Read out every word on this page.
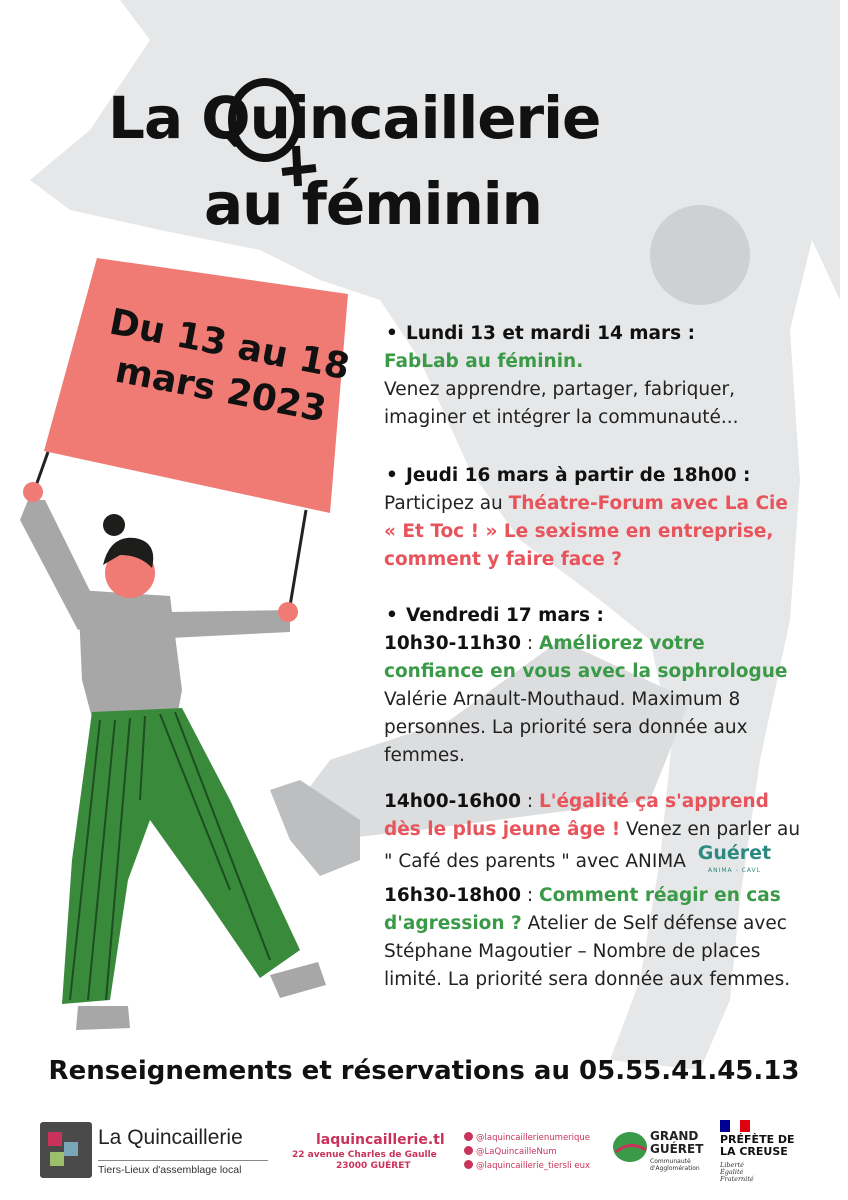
La Quincaillerie
au féminin
Du 13 au 18 mars 2023
• Lundi 13 et mardi 14 mars :
FabLab au féminin.
Venez apprendre, partager, fabriquer, imaginer et intégrer la communauté...
• Jeudi 16 mars à partir de 18h00 :
Participez au Théatre-Forum avec La Cie « Et Toc ! » Le sexisme en entreprise, comment y faire face ?
• Vendredi 17 mars :
10h30-11h30 : Améliorez votre confiance en vous avec la sophrologue Valérie Arnault-Mouthaud. Maximum 8 personnes. La priorité sera donnée aux femmes.
14h00-16h00 : L'égalité ça s'apprend dès le plus jeune âge ! Venez en parler au " Café des parents " avec ANIMA Guéret
ANIMA - CAVL
16h30-18h00 : Comment réagir en cas d'agression ? Atelier de Self défense avec Stéphane Magoutier – Nombre de places limité. La priorité sera donnée aux femmes.
Renseignements et réservations au 05.55.41.45.13
La Quincaillerie
Tiers-Lieux d'assemblage local
laquincaillerie.tl
22 avenue Charles de Gaulle
23000 GUÉRET
@laquincaillerienumerique
@LaQuincailleNum
@laquincaillerie_tiersli eux
GRAND GUÉRET
Communauté d'Agglomération
PRÉFÈTE DE LA CREUSE
Liberté Égalité Fraternité
